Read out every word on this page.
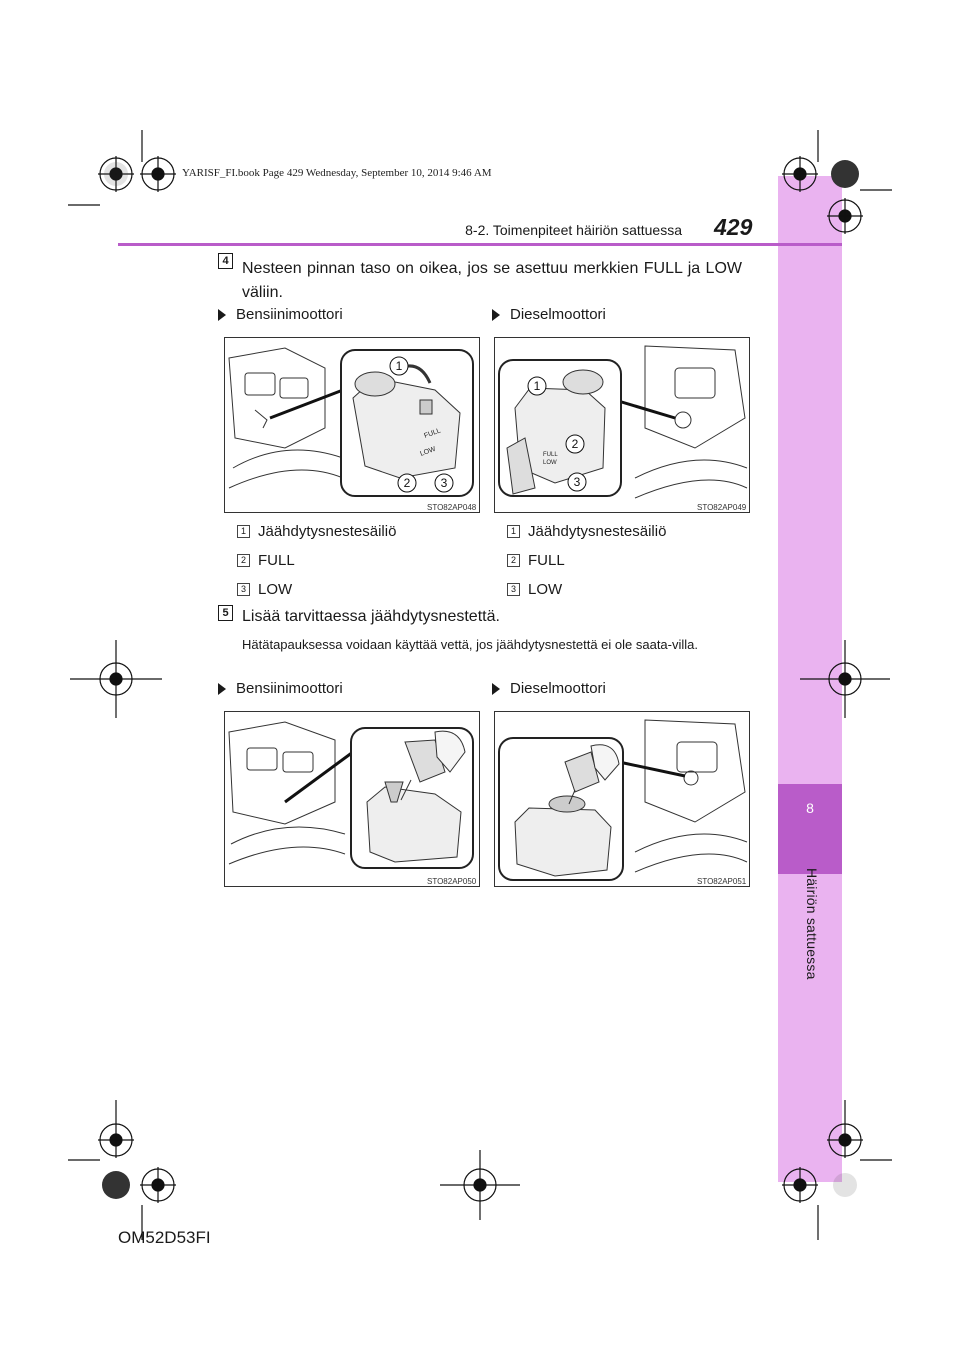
8
Häiriön sattuessa
YARISF_FI.book Page 429 Wednesday, September 10, 2014 9:46 AM
8-2. Toimenpiteet häiriön sattuessa 429
4 Nesteen pinnan taso on oikea, jos se asettuu merkkien FULL ja LOW väliin.
Bensiinimoottori	Dieselmoottori
FULL
LOW
1
2	3
STO82AP048
FULL
LOW
1
2
3
STO82AP049
1 Jäähdytysnestesäiliö
2 FULL
3 LOW
1 Jäähdytysnestesäiliö
2 FULL
3 LOW
5 Lisää tarvittaessa jäähdytysnestettä.
Hätätapauksessa voidaan käyttää vettä, jos jäähdytysnestettä ei ole saata-villa.
Bensiinimoottori	Dieselmoottori
STO82AP050	STO82AP051
OM52D53FI
